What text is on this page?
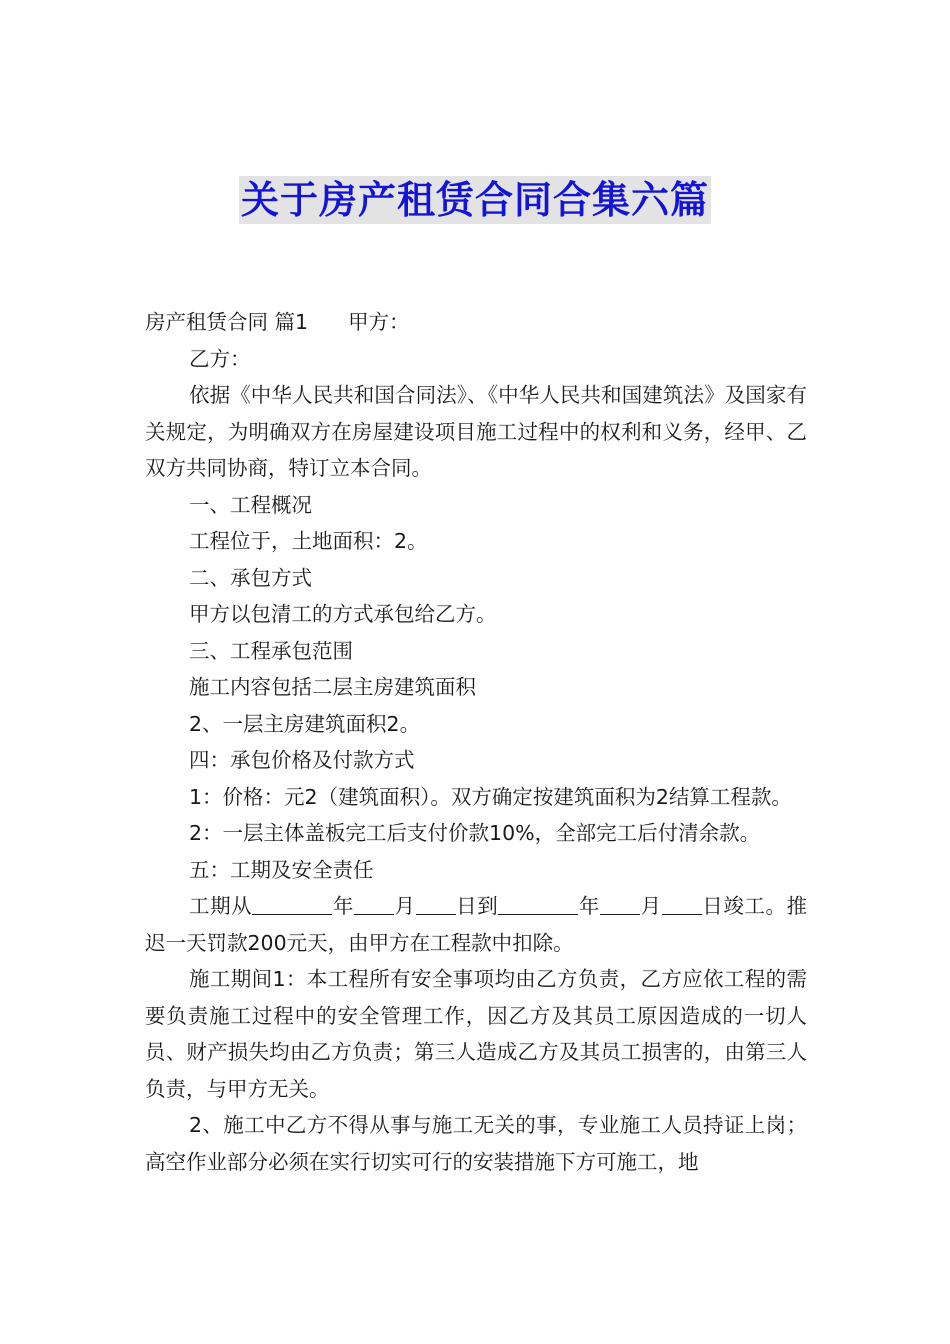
关于房产租赁合同合集六篇

房产租赁合同 篇1 甲方：

乙方：

依据《中华人民共和国合同法》、《中华人民共和国建筑法》及国家有关规定，为明确双方在房屋建设项目施工过程中的权利和义务，经甲、乙双方共同协商，特订立本合同。

一、工程概况

工程位于，土地面积：2。

二、承包方式

甲方以包清工的方式承包给乙方。

三、工程承包范围

施工内容包括二层主房建筑面积

2、一层主房建筑面积2。

四：承包价格及付款方式

1：价格：元2（建筑面积）。双方确定按建筑面积为2结算工程款。

2：一层主体盖板完工后支付价款10%，全部完工后付清余款。

五：工期及安全责任

工期从	年 月 日到	年 月 日竣工。推迟一天罚款200元天，由甲方在工程款中扣除。

施工期间1：本工程所有安全事项均由乙方负责，乙方应依工程的需要负责施工过程中的安全管理工作，因乙方及其员工原因造成的一切人员、财产损失均由乙方负责；第三人造成乙方及其员工损害的，由第三人负责，与甲方无关。

2、施工中乙方不得从事与施工无关的事，专业施工人员持证上岗；高空作业部分必须在实行切实可行的安装措施下方可施工，地
